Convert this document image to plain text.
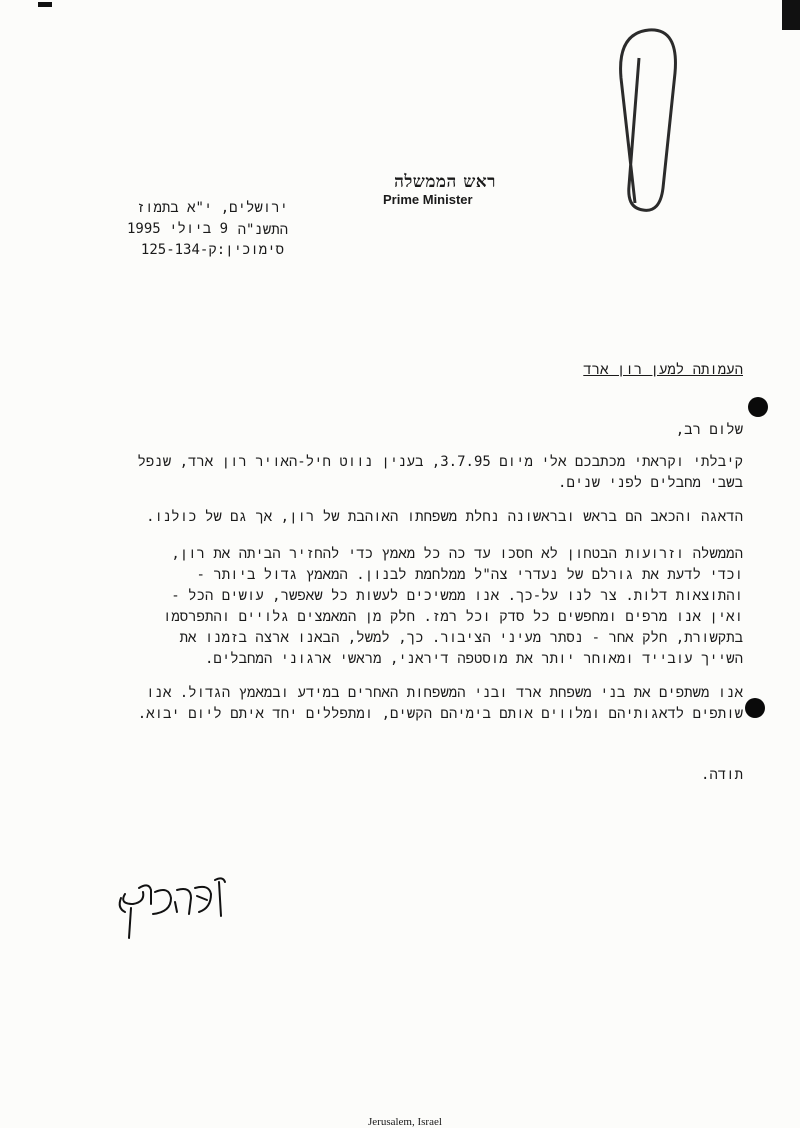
ראש הממשלה
Prime Minister
ירושלים, י"א בתמוז התשנ"ה
9 ביולי 1995
סימוכין:ק-125-134
העמותה למען רון ארד
שלום רב,
קיבלתי וקראתי מכתבכם אלי מיום 3.7.95, בענין נווט חיל-האויר רון ארד, שנפל
בשבי מחבלים לפני שנים.
הדאגה והכאב הם בראש ובראשונה נחלת משפחתו האוהבת של רון, אך גם של כולנו.
הממשלה וזרועות הבטחון לא חסכו עד כה כל מאמץ כדי להחזיר הביתה את רון,
וכדי לדעת את גורלם של נעדרי צה"ל ממלחמת לבנון. המאמץ גדול ביותר -
והתוצאות דלות. צר לנו על-כך. אנו ממשיכים לעשות כל שאפשר, עושים הכל -
ואין אנו מרפים ומחפשים כל סדק וכל רמז. חלק מן המאמצים גלויים והתפרסמו
בתקשורת, חלק אחר - נסתר מעיני הציבור. כך, למשל, הבאנו ארצה בזמנו את
השייך עובייד ומאוחר יותר את מוסטפה דיראני, מראשי ארגוני המחבלים.
אנו משתפים את בני משפחת ארד ובני המשפחות האחרים במידע ובמאמץ הגדול. אנו
שותפים לדאגותיהם ומלווים אותם בימיהם הקשים, ומתפללים יחד איתם ליום יבוא.
תודה.
Jerusalem, Israel
